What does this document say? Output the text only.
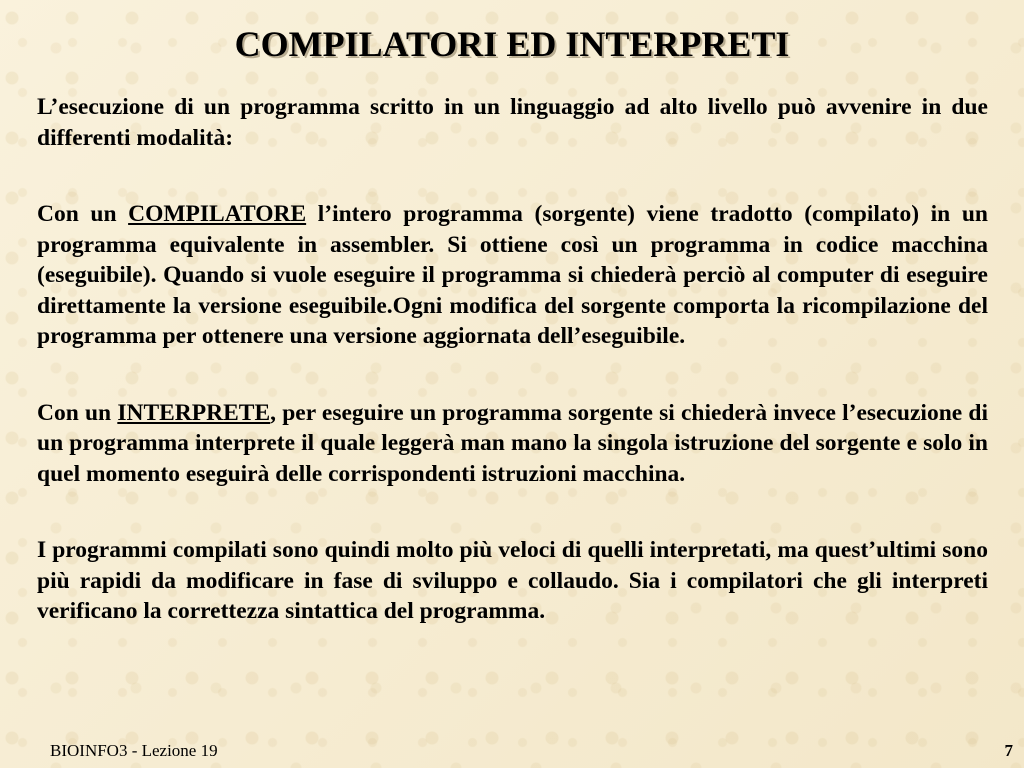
COMPILATORI ED INTERPRETI

L’esecuzione di un programma scritto in un linguaggio ad alto livello può avvenire in due differenti modalità:

Con un COMPILATORE l’intero programma (sorgente) viene tradotto (compilato) in un programma equivalente in assembler. Si ottiene così un programma in codice macchina (eseguibile). Quando si vuole eseguire il programma si chiederà perciò al computer di eseguire direttamente la versione eseguibile.Ogni modifica del sorgente comporta la ricompilazione del programma per ottenere una versione aggiornata dell’eseguibile.

Con un INTERPRETE, per eseguire un programma sorgente si chiederà invece l’esecuzione di un programma interprete il quale leggerà man mano la singola istruzione del sorgente e solo in quel momento eseguirà delle corrispondenti istruzioni macchina.

I programmi compilati sono quindi molto più veloci di quelli interpretati, ma quest’ultimi sono più rapidi da modificare in fase di sviluppo e collaudo. Sia i compilatori che gli interpreti verificano la correttezza sintattica del programma.

BIOINFO3 - Lezione 19	7
